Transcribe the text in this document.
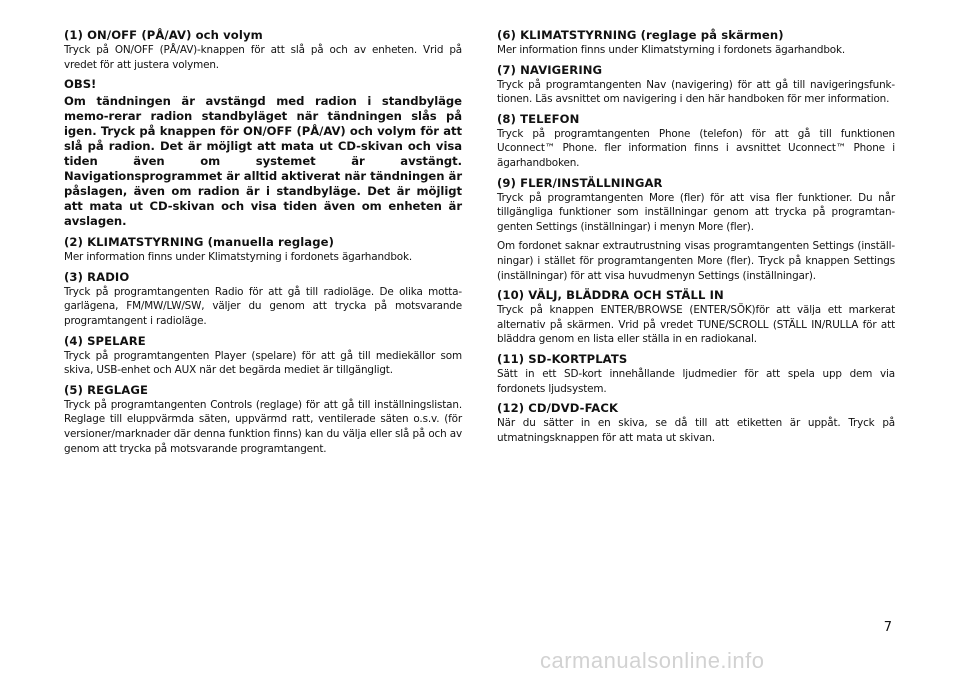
(1) ON/OFF (PÅ/AV) och volym

Tryck på ON/OFF (PÅ/AV)-knappen för att slå på och av enheten. Vrid på vredet för att justera volymen.

OBS!

Om tändningen är avstängd med radion i standbyläge memo-rerar radion standbyläget när tändningen slås på igen. Tryck på knappen för ON/OFF (PÅ/AV) och volym för att slå på radion. Det är möjligt att mata ut CD-skivan och visa tiden även om systemet är avstängt. Navigationsprogrammet är alltid aktiverat när tändningen är påslagen, även om radion är i standbyläge. Det är möjligt att mata ut CD-skivan och visa tiden även om enheten är avslagen.

(2) KLIMATSTYRNING (manuella reglage)

Mer information finns under Klimatstyrning i fordonets ägarhandbok.

(3) RADIO

Tryck på programtangenten Radio för att gå till radioläge. De olika motta-garlägena, FM/MW/LW/SW, väljer du genom att trycka på motsvarande programtangent i radioläge.

(4) SPELARE

Tryck på programtangenten Player (spelare) för att gå till mediekällor som skiva, USB-enhet och AUX när det begärda mediet är tillgängligt.

(5) REGLAGE

Tryck på programtangenten Controls (reglage) för att gå till inställningslistan. Reglage till eluppvärmda säten, uppvärmd ratt, ventilerade säten o.s.v. (för versioner/marknader där denna funktion finns) kan du välja eller slå på och av genom att trycka på motsvarande programtangent.

(6) KLIMATSTYRNING (reglage på skärmen)

Mer information finns under Klimatstyrning i fordonets ägarhandbok.

(7) NAVIGERING

Tryck på programtangenten Nav (navigering) för att gå till navigeringsfunk-tionen. Läs avsnittet om navigering i den här handboken för mer information.

(8) TELEFON

Tryck på programtangenten Phone (telefon) för att gå till funktionen Uconnect™ Phone. fler information finns i avsnittet Uconnect™ Phone i ägarhandboken.

(9) FLER/INSTÄLLNINGAR

Tryck på programtangenten More (fler) för att visa fler funktioner. Du når tillgängliga funktioner som inställningar genom att trycka på programtan-genten Settings (inställningar) i menyn More (fler).

Om fordonet saknar extrautrustning visas programtangenten Settings (inställ-ningar) i stället för programtangenten More (fler). Tryck på knappen Settings (inställningar) för att visa huvudmenyn Settings (inställningar).

(10) VÄLJ, BLÄDDRA OCH STÄLL IN

Tryck på knappen ENTER/BROWSE (ENTER/SÖK)för att välja ett markerat alternativ på skärmen. Vrid på vredet TUNE/SCROLL (STÄLL IN/RULLA för att bläddra genom en lista eller ställa in en radiokanal.

(11) SD-KORTPLATS

Sätt in ett SD-kort innehållande ljudmedier för att spela upp dem via fordonets ljudsystem.

(12) CD/DVD-FACK

När du sätter in en skiva, se då till att etiketten är uppåt. Tryck på utmatningsknappen för att mata ut skivan.

7
carmanualsonline.info
